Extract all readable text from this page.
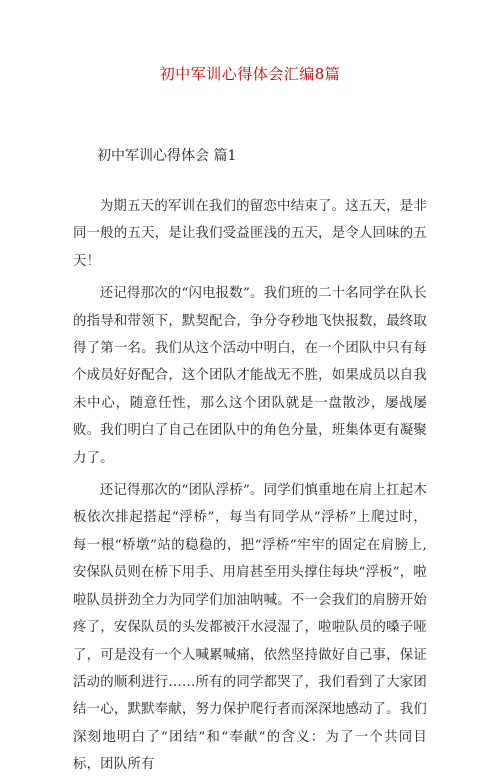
初中军训心得体会汇编8篇
初中军训心得体会 篇1

为期五天的军训在我们的留恋中结束了。这五天，是非同一般的五天，是让我们受益匪浅的五天，是令人回味的五天！

还记得那次的“闪电报数”。我们班的二十名同学在队长的指导和带领下，默契配合，争分夺秒地飞快报数，最终取得了第一名。我们从这个活动中明白，在一个团队中只有每个成员好好配合，这个团队才能战无不胜，如果成员以自我未中心，随意任性，那么这个团队就是一盘散沙，屡战屡败。我们明白了自己在团队中的角色分量，班集体更有凝聚力了。

还记得那次的“团队浮桥”。同学们慎重地在肩上扛起木板依次排起搭起“浮桥”，每当有同学从“浮桥”上爬过时，每一根“桥墩”站的稳稳的，把“浮桥”牢牢的固定在肩膀上, 安保队员则在桥下用手、用肩甚至用头撑住每块“浮板”，啦啦队员拼劲全力为同学们加油呐喊。不一会我们的肩膀开始疼了，安保队员的头发都被汗水浸湿了，啦啦队员的嗓子哑了，可是没有一个人喊累喊痛，依然坚持做好自己事，保证活动的顺利进行……所有的同学都哭了，我们看到了大家团结一心，默默奉献，努力保护爬行者而深深地感动了。我们深刻地明白了“团结”和“奉献”的含义：为了一个共同目标，团队所有
